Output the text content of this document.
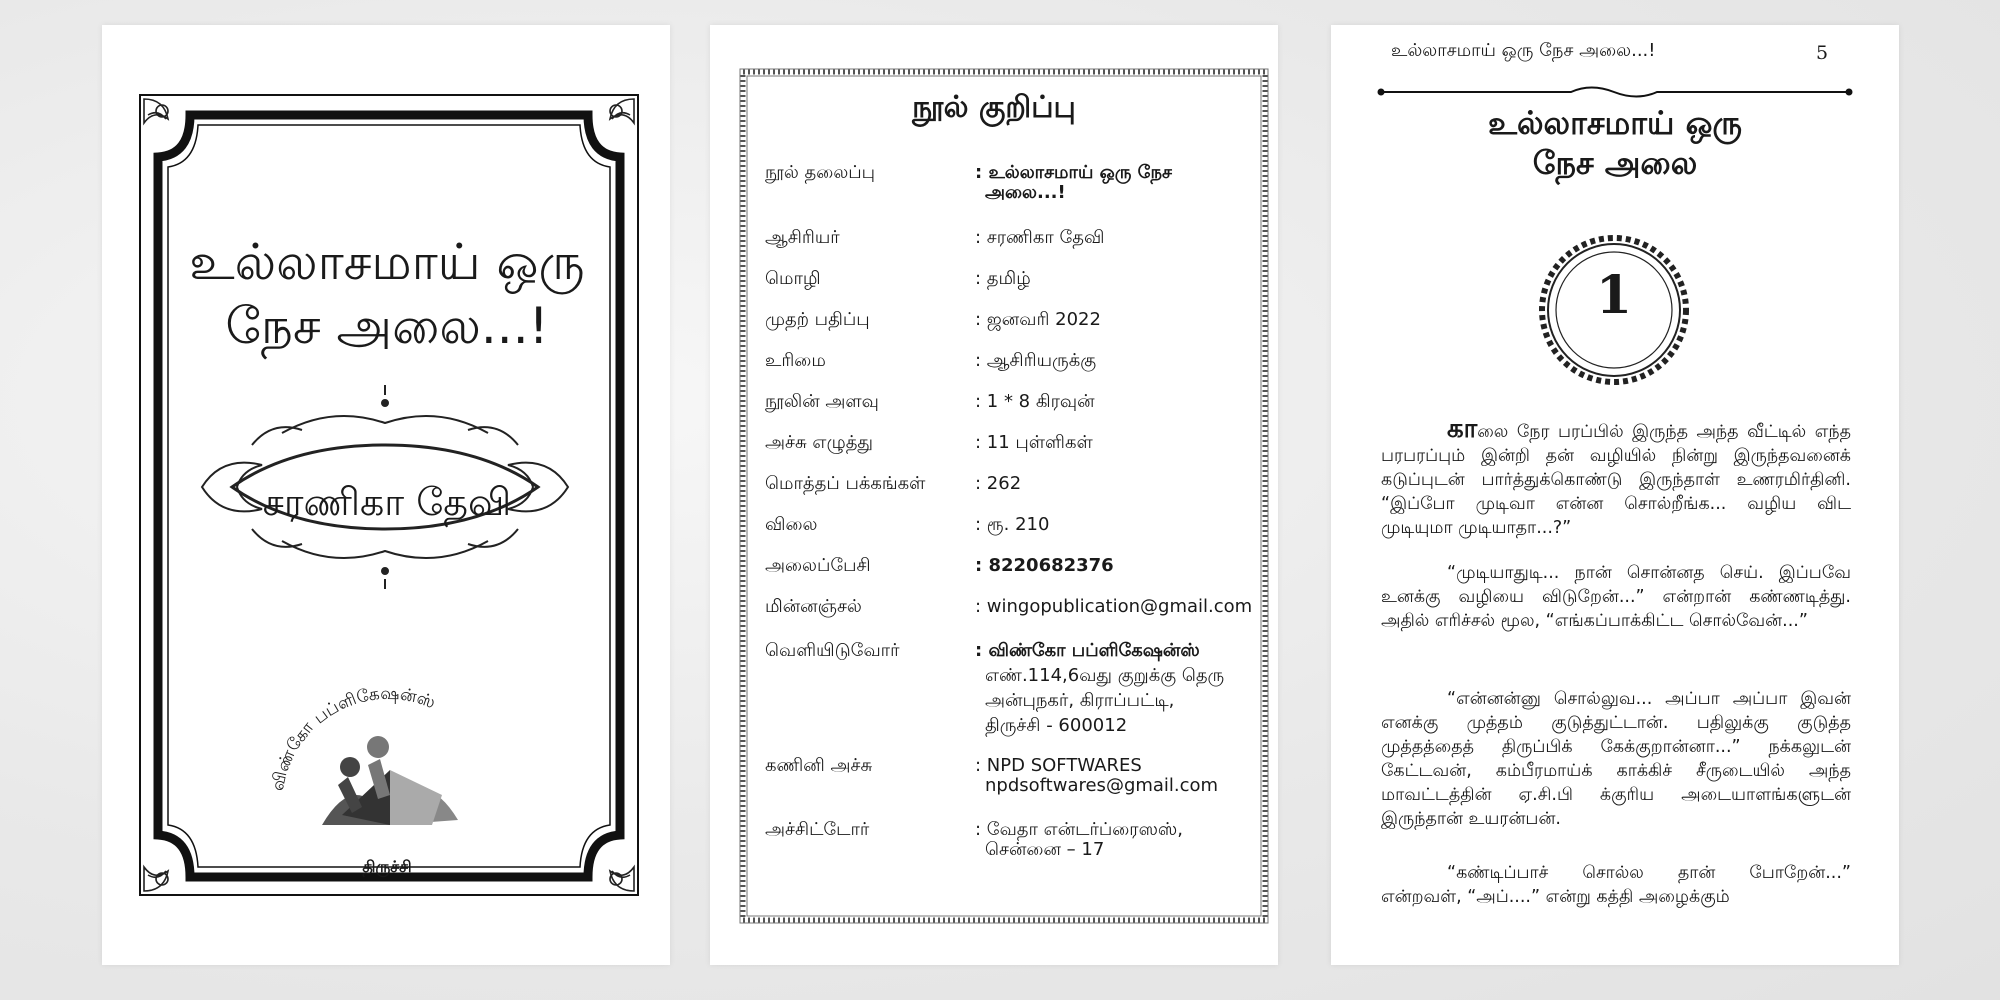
விண்கோ பப்ளிகேஷன்ஸ்
உல்லாசமாய் ஒரு
நேச அலை...!
சரணிகா தேவி
திருச்சி
நூல் குறிப்பு
நூல் தலைப்பு	: உல்லாசமாய் ஒரு நேச
அலை...!
ஆசிரியர்	: சரணிகா தேவி
மொழி	: தமிழ்
முதற் பதிப்பு	: ஜனவரி 2022
உரிமை	: ஆசிரியருக்கு
நூலின் அளவு	: 1 * 8 கிரவுன்
அச்சு எழுத்து	: 11 புள்ளிகள்
மொத்தப் பக்கங்கள்	: 262
விலை	: ரூ. 210
அலைப்பேசி	: 8220682376
மின்னஞ்சல்	: wingopublication@gmail.com
வெளியிடுவோர்	: விண்கோ பப்ளிகேஷன்ஸ்
எண்.114,6வது குறுக்கு தெரு
அன்புநகர், கிராப்பட்டி,
திருச்சி - 600012
கணினி அச்சு	: NPD SOFTWARES
npdsoftwares@gmail.com
அச்சிட்டோர்	: வேதா என்டர்ப்ரைஸஸ்,
சென்னை – 17
உல்லாசமாய் ஒரு நேச அலை...!	5
உல்லாசமாய் ஒரு
நேச அலை
1

காலை நேர பரப்பில் இருந்த அந்த வீட்டில் எந்த பரபரப்பும் இன்றி தன் வழியில் நின்று இருந்தவனைக் கடுப்புடன் பார்த்துக்கொண்டு இருந்தாள் உணரமிர்தினி. “இப்போ முடிவா என்ன சொல்றீங்க... வழிய விட முடியுமா முடியாதா...?”

“முடியாதுடி... நான் சொன்னத செய். இப்பவே உனக்கு வழியை விடுறேன்...” என்றான் கண்ணடித்து. அதில் எரிச்சல் மூல, “எங்கப்பாக்கிட்ட சொல்வேன்...”

“என்னன்னு சொல்லுவ... அப்பா அப்பா இவன் எனக்கு முத்தம் குடுத்துட்டான். பதிலுக்கு குடுத்த முத்தத்தைத் திருப்பிக் கேக்குறான்னா...” நக்கலுடன் கேட்டவன், கம்பீரமாய்க் காக்கிச் சீருடையில் அந்த மாவட்டத்தின் ஏ.சி.பி க்குரிய அடையாளங்களுடன் இருந்தான் உயரன்பன்.

“கண்டிப்பாச் சொல்ல தான் போறேன்...” என்றவள், “அப்....” என்று கத்தி அழைக்கும்
